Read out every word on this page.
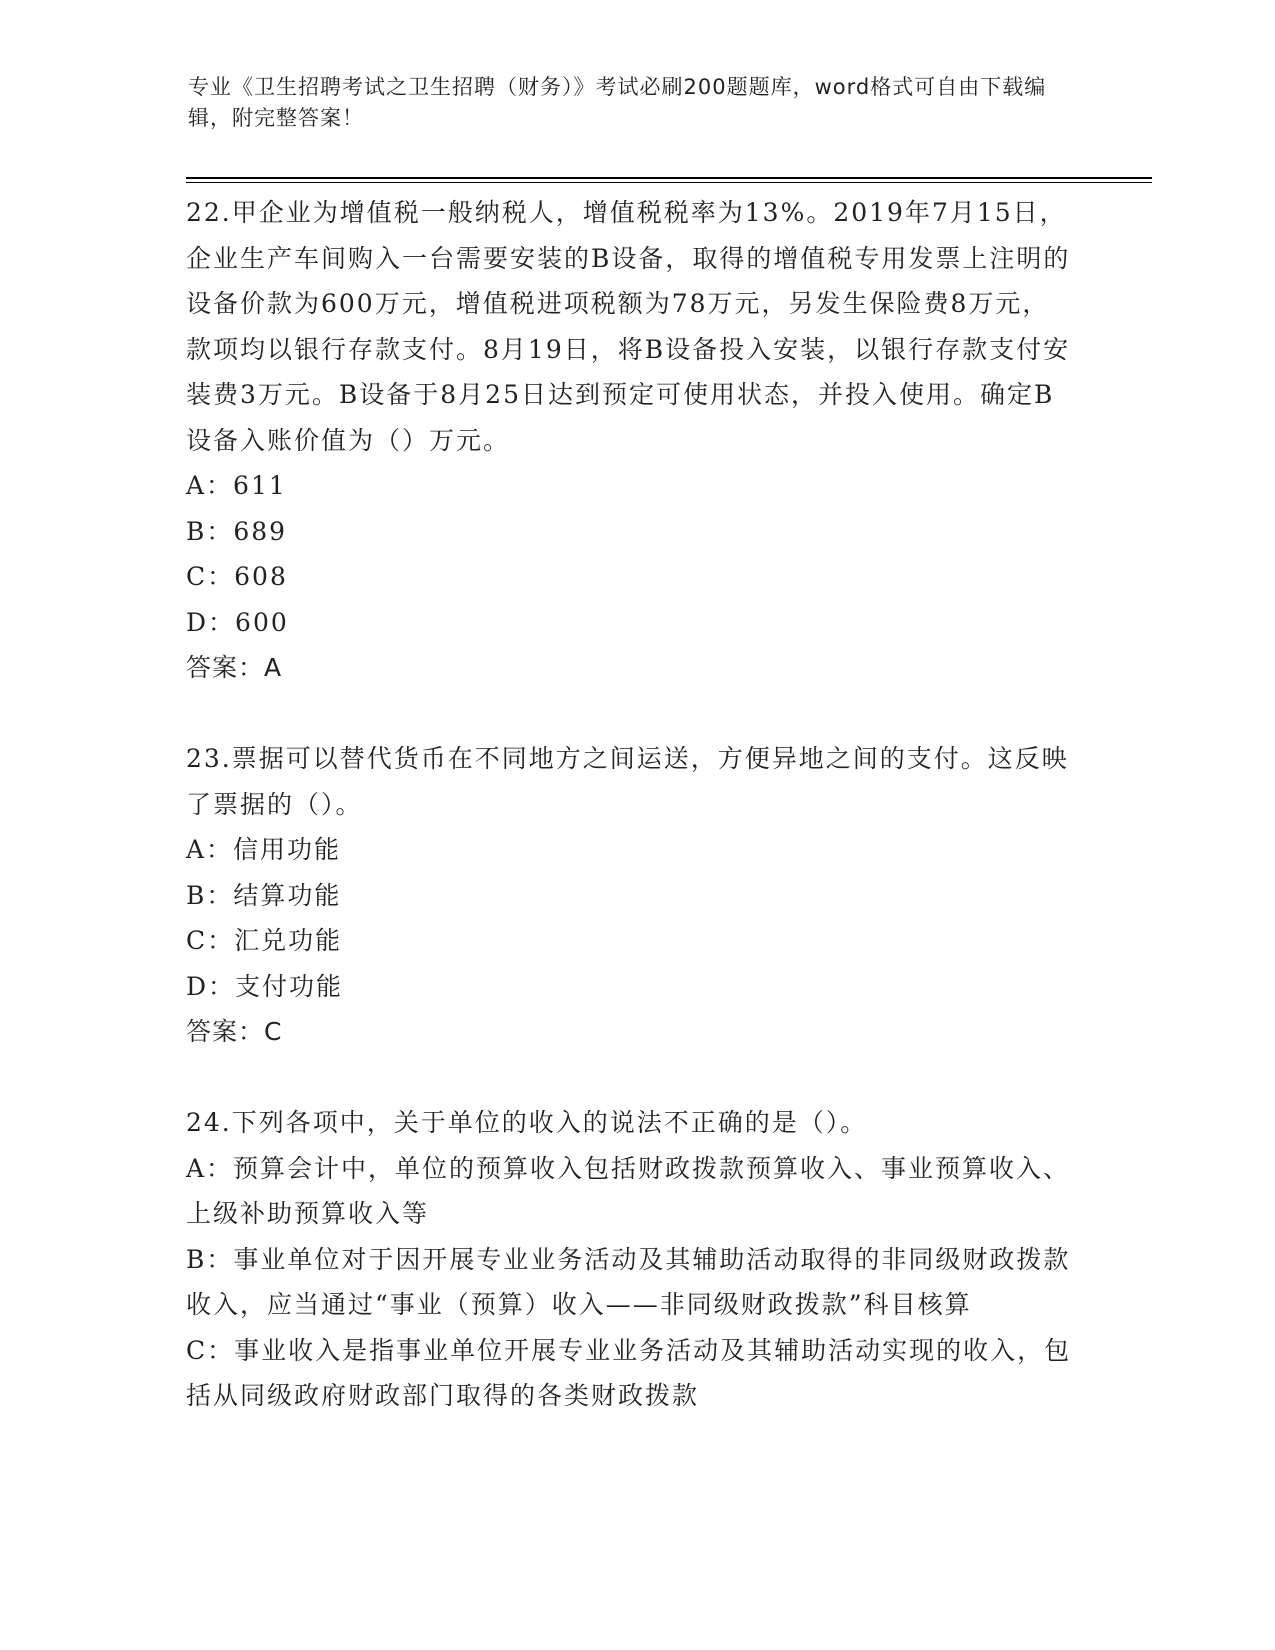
专业《卫生招聘考试之卫生招聘（财务）》考试必刷200题题库，word格式可自由下载编辑，附完整答案！

22.甲企业为增值税一般纳税人，增值税税率为13%。2019年7月15日，企业生产车间购入一台需要安装的B设备，取得的增值税专用发票上注明的设备价款为600万元，增值税进项税额为78万元，另发生保险费8万元，款项均以银行存款支付。8月19日，将B设备投入安装，以银行存款支付安装费3万元。B设备于8月25日达到预定可使用状态，并投入使用。确定B设备入账价值为（）万元。

A：611

B：689

C：608

D：600

答案：A

23.票据可以替代货币在不同地方之间运送，方便异地之间的支付。这反映了票据的（）。

A：信用功能

B：结算功能

C：汇兑功能

D：支付功能

答案：C

24.下列各项中，关于单位的收入的说法不正确的是（）。

A：预算会计中，单位的预算收入包括财政拨款预算收入、事业预算收入、上级补助预算收入等

B：事业单位对于因开展专业业务活动及其辅助活动取得的非同级财政拨款收入，应当通过“事业（预算）收入——非同级财政拨款”科目核算

C：事业收入是指事业单位开展专业业务活动及其辅助活动实现的收入，包括从同级政府财政部门取得的各类财政拨款
